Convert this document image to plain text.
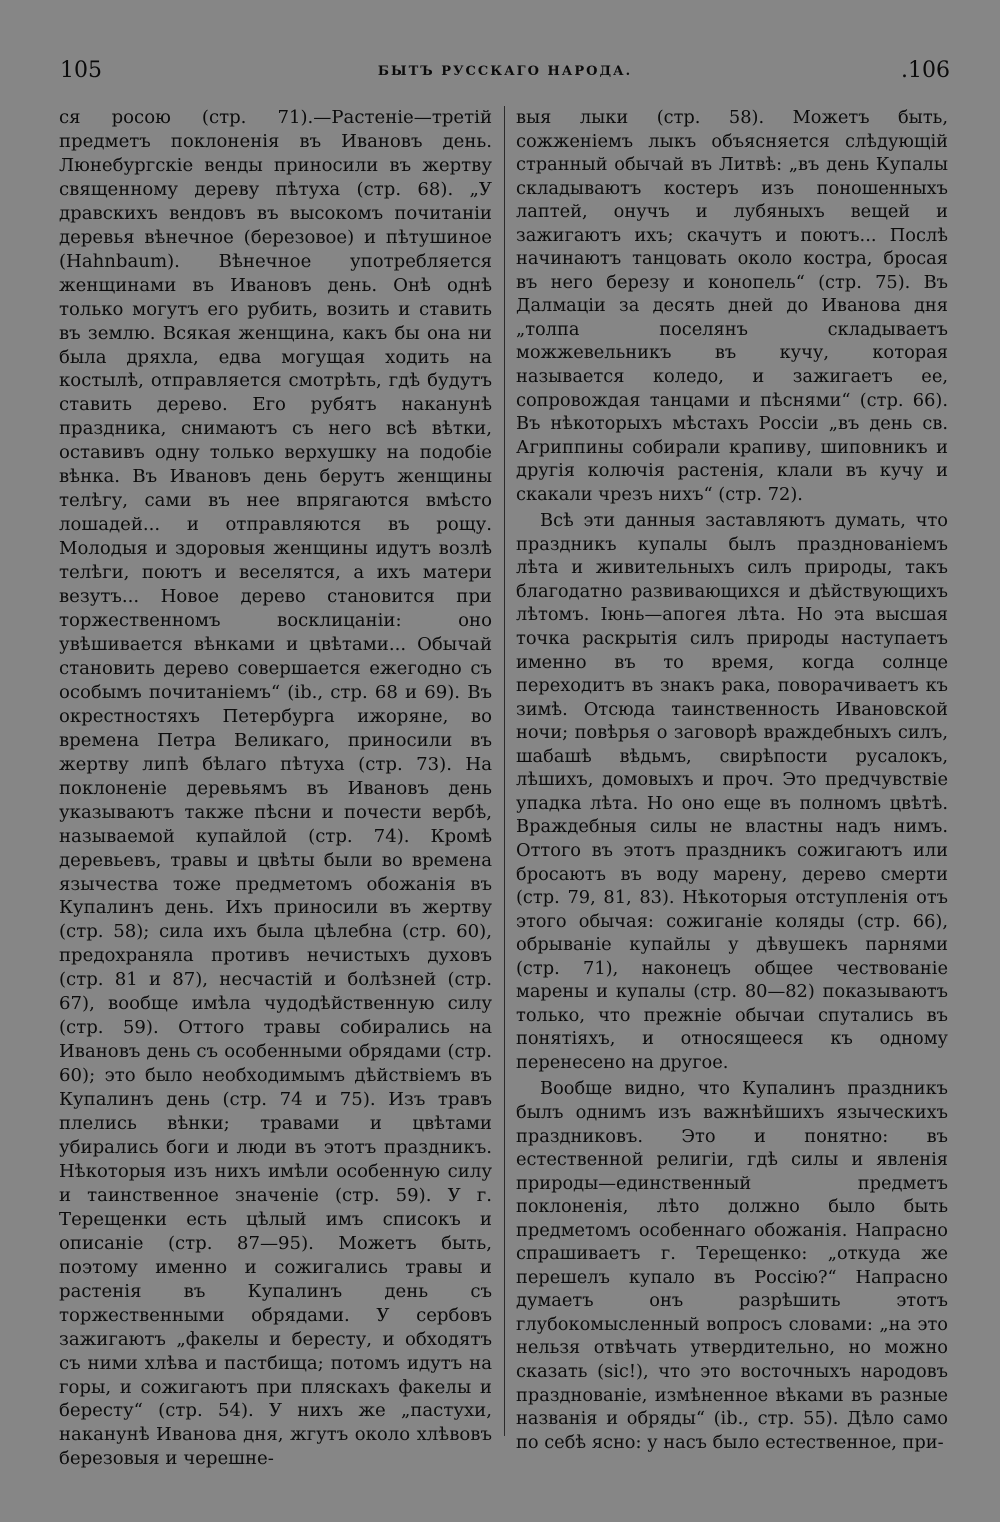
105	БЫТЪ РУССКАГО НАРОДА.	.106

ся росою (стр. 71).—Растеніе—третій предметъ поклоненія въ Ивановъ день. Люнебургскіе венды приносили въ жертву священному дереву пѣтуха (стр. 68). „У дравскихъ вендовъ въ высокомъ почитаніи деревья вѣнечное (березовое) и пѣтушиное (Hahnbaum). Вѣнечное употребляется женщинами въ Ивановъ день. Онѣ однѣ только могутъ его рубить, возить и ставить въ землю. Всякая женщина, какъ бы она ни была дряхла, едва могущая ходить на костылѣ, отправляется смотрѣть, гдѣ будутъ ставить дерево. Его рубятъ наканунѣ праздника, снимаютъ съ него всѣ вѣтки, оставивъ одну только верхушку на подобіе вѣнка. Въ Ивановъ день берутъ женщины телѣгу, сами въ нее впрягаются вмѣсто лошадей... и отправляются въ рощу. Молодыя и здоровыя женщины идутъ возлѣ телѣги, поютъ и веселятся, а ихъ матери везутъ... Новое дерево становится при торжественномъ восклицаніи: оно увѣшивается вѣнками и цвѣтами... Обычай становить дерево совершается ежегодно съ особымъ почитаніемъ“ (ib., стр. 68 и 69). Въ окрестностяхъ Петербурга ижоряне, во времена Петра Великаго, приносили въ жертву липѣ бѣлаго пѣтуха (стр. 73). На поклоненіе деревьямъ въ Ивановъ день указываютъ также пѣсни и почести вербѣ, называемой купайлой (стр. 74). Кромѣ деревьевъ, травы и цвѣты были во времена язычества тоже предметомъ обожанія въ Купалинъ день. Ихъ приносили въ жертву (стр. 58); сила ихъ была цѣлебна (стр. 60), предохраняла противъ нечистыхъ духовъ (стр. 81 и 87), несчастій и болѣзней (стр. 67), вообще имѣла чудодѣйственную силу (стр. 59). Оттого травы собирались на Ивановъ день съ особенными обрядами (стр. 60); это было необходимымъ дѣйствіемъ въ Купалинъ день (стр. 74 и 75). Изъ травъ плелись вѣнки; травами и цвѣтами убирались боги и люди въ этотъ праздникъ. Нѣкоторыя изъ нихъ имѣли особенную силу и таинственное значеніе (стр. 59). У г. Терещенки есть цѣлый имъ списокъ и описаніе (стр. 87—95). Можетъ быть, поэтому именно и сожигались травы и растенія въ Купалинъ день съ торжественными обрядами. У сербовъ зажигаютъ „факелы и бересту, и обходятъ съ ними хлѣва и пастбища; потомъ идутъ на горы, и сожигаютъ при пляскахъ факелы и бересту“ (стр. 54). У нихъ же „пастухи, наканунѣ Иванова дня, жгутъ около хлѣвовъ березовыя и черешне-

выя лыки (стр. 58). Можетъ быть, сожженіемъ лыкъ объясняется слѣдующій странный обычай въ Литвѣ: „въ день Купалы складываютъ костеръ изъ поношенныхъ лаптей, онучъ и лубяныхъ вещей и зажигаютъ ихъ; скачутъ и поютъ... Послѣ начинаютъ танцовать около костра, бросая въ него березу и конопель“ (стр. 75). Въ Далмаціи за десять дней до Иванова дня „толпа поселянъ складываетъ можжевельникъ въ кучу, которая называется коледо, и зажигаетъ ее, сопровождая танцами и пѣснями“ (стр. 66). Въ нѣкоторыхъ мѣстахъ Россіи „въ день св. Агриппины собирали крапиву, шиповникъ и другія колючія растенія, клали въ кучу и скакали чрезъ нихъ“ (стр. 72).

Всѣ эти данныя заставляютъ думать, что праздникъ купалы былъ празднованіемъ лѣта и живительныхъ силъ природы, такъ благодатно развивающихся и дѣйствующихъ лѣтомъ. Іюнь—апогея лѣта. Но эта высшая точка раскрытія силъ природы наступаетъ именно въ то время, когда солнце переходитъ въ знакъ рака, поворачиваетъ къ зимѣ. Отсюда таинственность Ивановской ночи; повѣрья о заговорѣ враждебныхъ силъ, шабашѣ вѣдьмъ, свирѣпости русалокъ, лѣшихъ, домовыхъ и проч. Это предчувствіе упадка лѣта. Но оно еще въ полномъ цвѣтѣ. Враждебныя силы не властны надъ нимъ. Оттого въ этотъ праздникъ сожигаютъ или бросаютъ въ воду марену, дерево смерти (стр. 79, 81, 83). Нѣкоторыя отступленія отъ этого обычая: сожиганіе коляды (стр. 66), обрываніе купайлы у дѣвушекъ парнями (стр. 71), наконецъ общее чествованіе марены и купалы (стр. 80—82) показываютъ только, что прежніе обычаи спутались въ понятіяхъ, и относящееся къ одному перенесено на другое.

Вообще видно, что Купалинъ праздникъ былъ однимъ изъ важнѣйшихъ языческихъ праздниковъ. Это и понятно: въ естественной религіи, гдѣ силы и явленія природы—единственный предметъ поклоненія, лѣто должно было быть предметомъ особеннаго обожанія. Напрасно спрашиваетъ г. Терещенко: „откуда же перешелъ купало въ Россію?“ Напрасно думаетъ онъ разрѣшить этотъ глубокомысленный вопросъ словами: „на это нельзя отвѣчать утвердительно, но можно сказать (sic!), что это восточныхъ народовъ празднованіе, измѣненное вѣками въ разные названія и обряды“ (ib., стр. 55). Дѣло само по себѣ ясно: у насъ было естественное, при-
